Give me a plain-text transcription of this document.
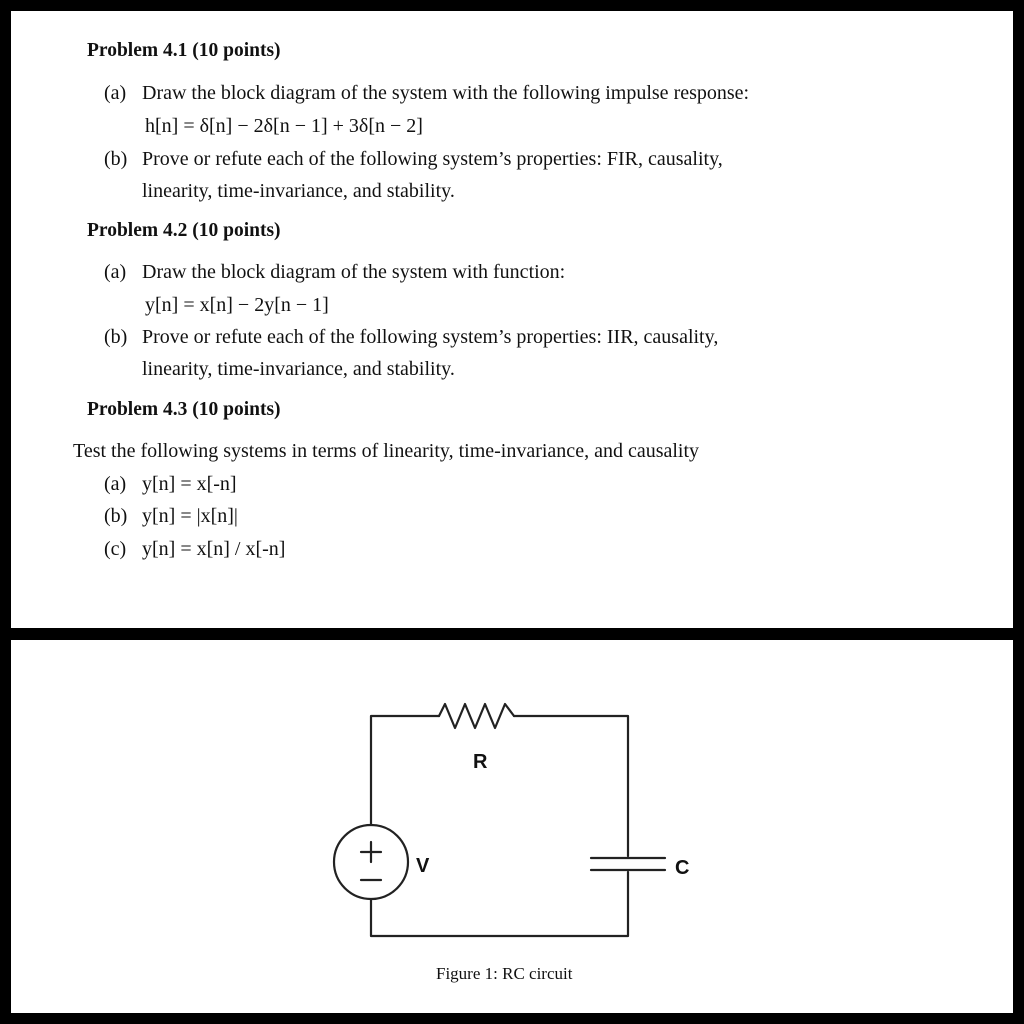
Problem 4.1 (10 points)
(a) Draw the block diagram of the system with the following impulse response:
h[n] = δ[n] − 2δ[n − 1] + 3δ[n − 2]
(b) Prove or refute each of the following system’s properties: FIR, causality,
linearity, time-invariance, and stability.
Problem 4.2 (10 points)
(a) Draw the block diagram of the system with function:
y[n] = x[n] − 2y[n − 1]
(b) Prove or refute each of the following system’s properties: IIR, causality,
linearity, time-invariance, and stability.
Problem 4.3 (10 points)
Test the following systems in terms of linearity, time-invariance, and causality
(a) y[n] = x[-n]
(b) y[n] = |x[n]|
(c) y[n] = x[n] / x[-n]
R
V	C
Figure 1: RC circuit
